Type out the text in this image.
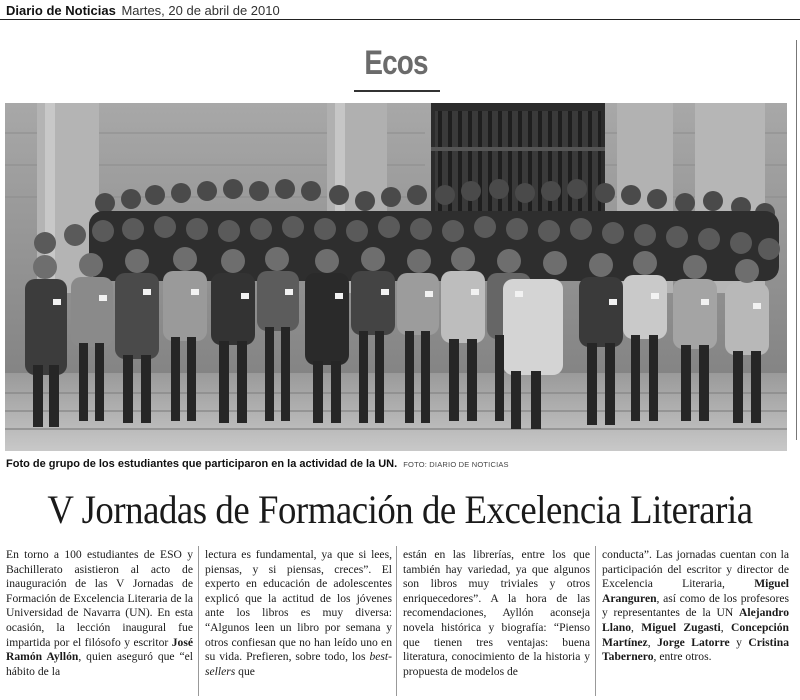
Diario de Noticias Martes, 20 de abril de 2010
Ecos
Foto de grupo de los estudiantes que participaron en la actividad de la UN. FOTO: DIARIO DE NOTICIAS
V Jornadas de Formación de Excelencia Literaria

En torno a 100 estudiantes de ESO y Bachillerato asistieron al acto de inauguración de las V Jornadas de Formación de Excelencia Literaria de la Universidad de Navarra (UN). En esta ocasión, la lección inaugural fue impartida por el filósofo y escritor José Ramón Ayllón, quien aseguró que “el hábito de la

lectura es fundamental, ya que si lees, piensas, y si piensas, creces”. El experto en educación de adolescentes explicó que la actitud de los jóvenes ante los libros es muy diversa: “Algunos leen un libro por semana y otros confiesan que no han leído uno en su vida. Prefieren, sobre todo, los best-sellers que

están en las librerías, entre los que también hay variedad, ya que algunos son libros muy triviales y otros enriquecedores”. A la hora de las recomendaciones, Ayllón aconseja novela histórica y biografía: “Pienso que tienen tres ventajas: buena literatura, conocimiento de la historia y propuesta de modelos de

conducta”. Las jornadas cuentan con la participación del escritor y director de Excelencia Literaria,	Miguel Aranguren, así como de los profesores y representantes de la UN Alejandro Llano, Miguel Zugasti, Concepción Martínez, Jorge Latorre y Cristina Tabernero, entre otros.
